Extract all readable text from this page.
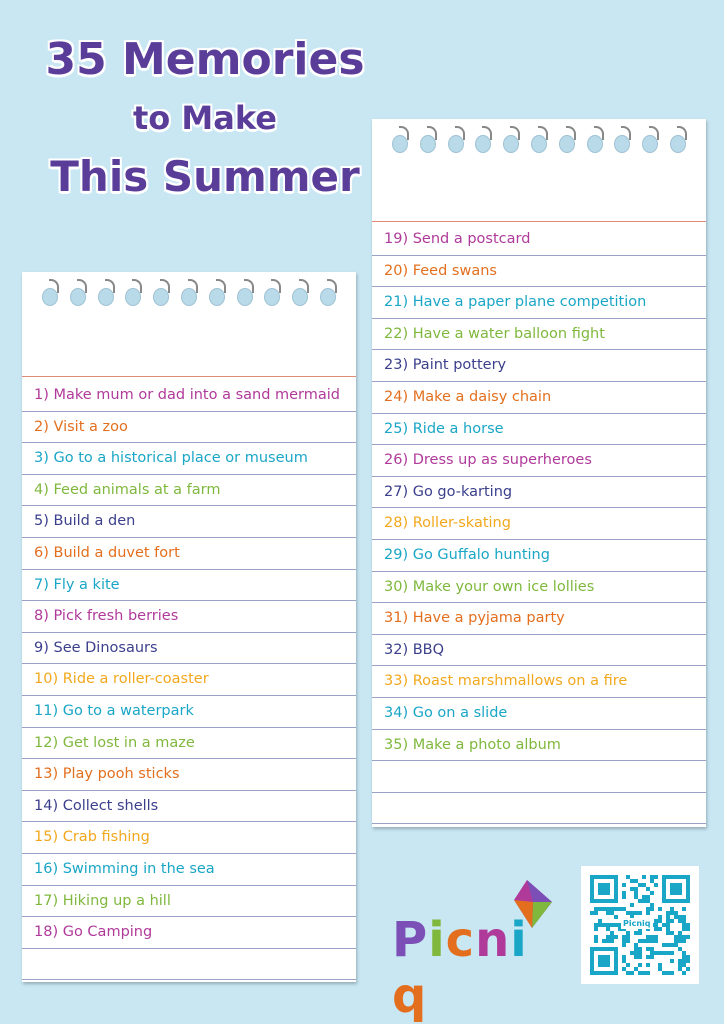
35 Memories
to Make
This Summer
19) Send a postcard
20) Feed swans
21) Have a paper plane competition
22) Have a water balloon fight
23) Paint pottery
24) Make a daisy chain
25) Ride a horse
26) Dress up as superheroes
27) Go go-karting
28) Roller-skating
29) Go Guffalo hunting
30) Make your own ice lollies
31) Have a pyjama party
32) BBQ
33) Roast marshmallows on a fire
34) Go on a slide
35) Make a photo album
1) Make mum or dad into a sand mermaid
2) Visit a zoo
3) Go to a historical place or museum
4) Feed animals at a farm
5) Build a den
6) Build a duvet fort
7) Fly a kite
8) Pick fresh berries
9) See Dinosaurs
10) Ride a roller-coaster
11) Go to a waterpark
12) Get lost in a maze
13) Play pooh sticks
14) Collect shells
15) Crab fishing
16) Swimming in the sea
17) Hiking up a hill
18) Go Camping	Picniq
Picniq
